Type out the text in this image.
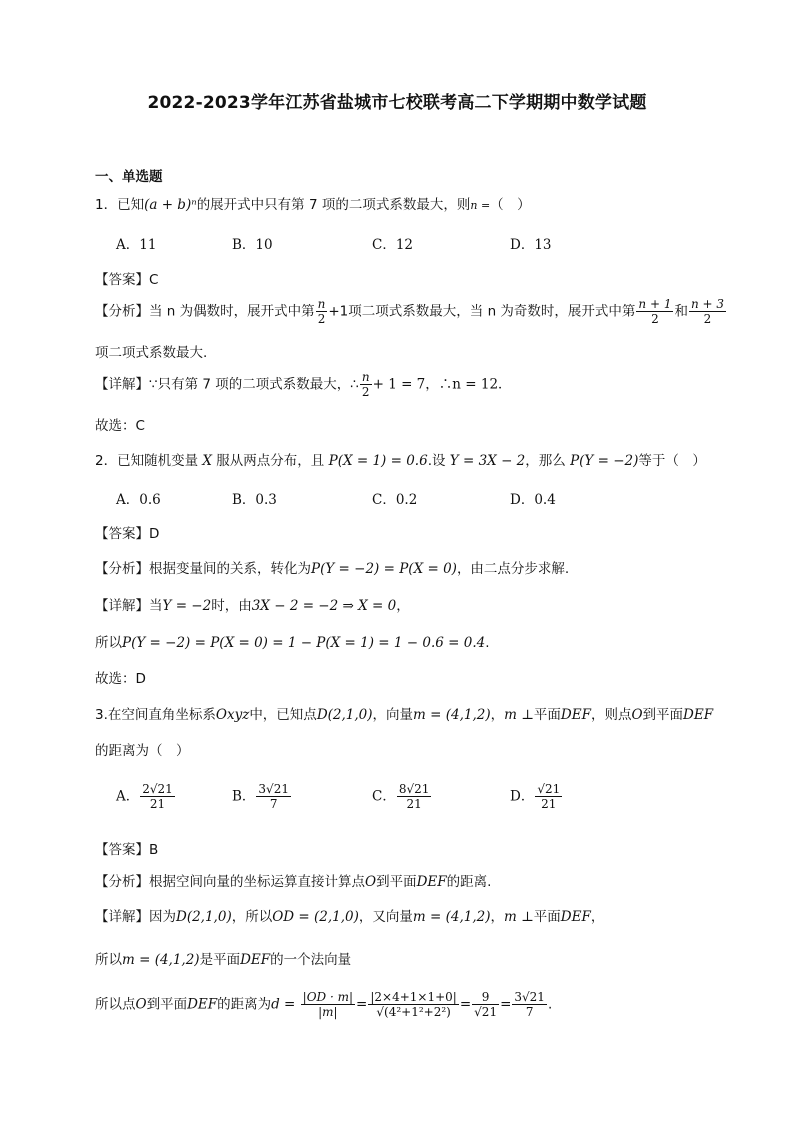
2022-2023学年江苏省盐城市七校联考高二下学期期中数学试题
一、单选题
1．已知(a + b)ⁿ的展开式中只有第 7 项的二项式系数最大，则n =（　）
A．11	B．10	C．12	D．13
【答案】C
【分析】当 n 为偶数时，展开式中第 $\frac{n}{2} +1$项二项式系数最大，当 n 为奇数时，展开式中第 $\frac{n + 1}{2}$ 和 $\frac{n + 3}{2}$
项二项式系数最大.
【详解】∵只有第 7 项的二项式系数最大，∴ $\frac{n}{2} + 1 = 7$，∴n = 12．
故选：C
2．已知随机变量 X 服从两点分布，且 P(X = 1) = 0.6.设 Y = 3X − 2，那么 P(Y = −2)等于（　）
A．0.6	B．0.3	C．0.2	D．0.4
【答案】D
【分析】根据变量间的关系，转化为P(Y = −2) = P(X = 0)，由二点分步求解.
【详解】当Y = −2时，由3X − 2 = −2 ⇒ X = 0，
所以P(Y = −2) = P(X = 0) = 1 − P(X = 1) = 1 − 0.6 = 0.4.
故选：D
3.在空间直角坐标系Oxyz中，已知点D(2,1,0)，向量m = (4,1,2)，m ⊥平面DEF，则点O到平面DEF
的距离为（　）
A． $\frac{2√21}{21}$	B． $\frac{3√21}{7}$	C． $\frac{8√21}{21}$	D． $\frac{√21}{21}$
【答案】B
【分析】根据空间向量的坐标运算直接计算点O到平面DEF的距离.
【详解】因为D(2,1,0)，所以OD = (2,1,0)，又向量m = (4,1,2)，m ⊥平面DEF，
所以m = (4,1,2)是平面DEF的一个法向量
所以点O到平面DEF的距离为$d = \frac{|OD \cdot m|}{|m|} = \frac{|2\times 4+1\times 1+0|}{\text{√(4²+1²+2²)}} = \frac{9}{√21} = \frac{3√21}{7}$ .
